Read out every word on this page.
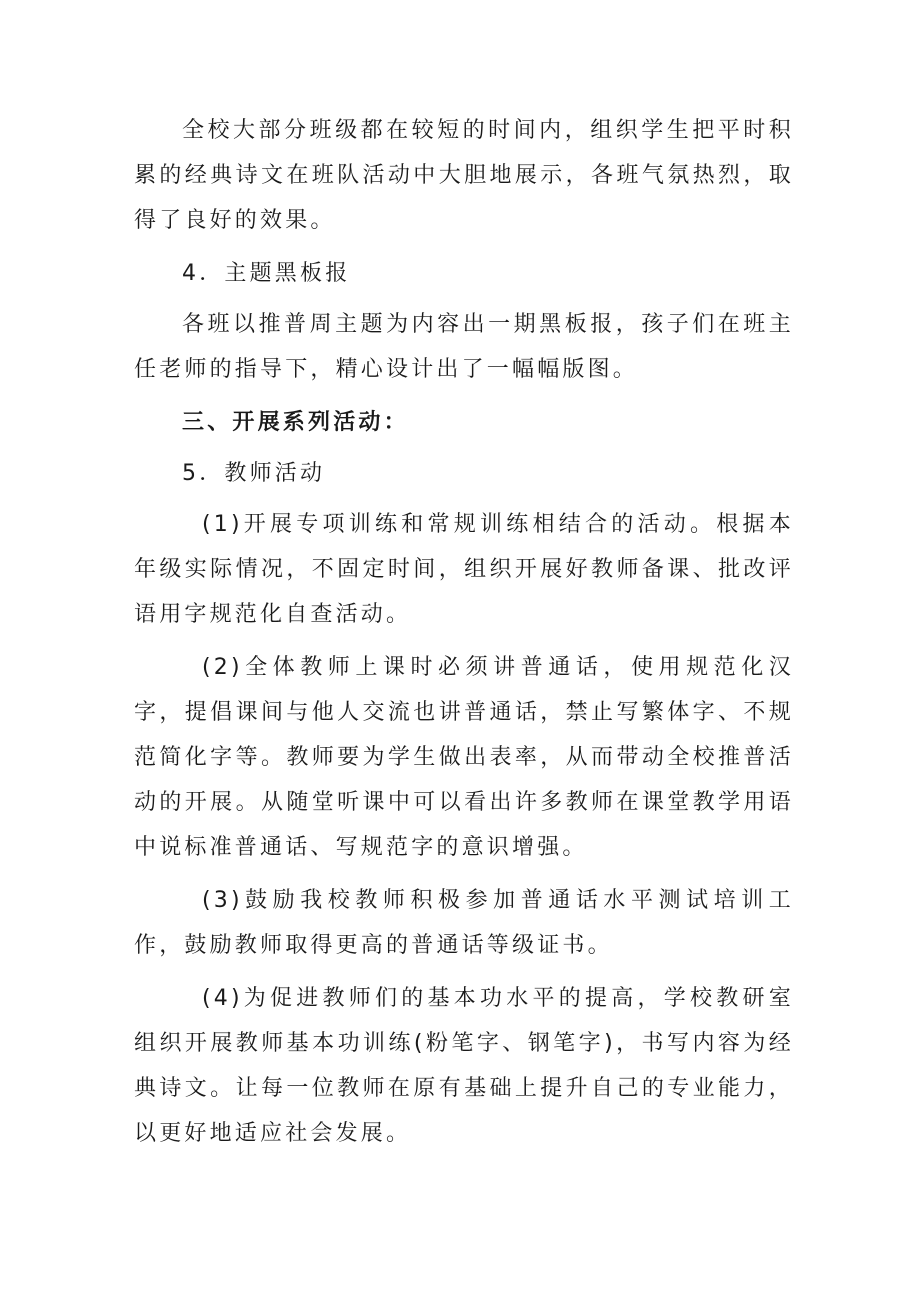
全校大部分班级都在较短的时间内，组织学生把平时积累的经典诗文在班队活动中大胆地展示，各班气氛热烈，取得了良好的效果。

4．主题黑板报

各班以推普周主题为内容出一期黑板报，孩子们在班主任老师的指导下，精心设计出了一幅幅版图。

三、开展系列活动：

5．教师活动

(1)开展专项训练和常规训练相结合的活动。根据本年级实际情况，不固定时间，组织开展好教师备课、批改评语用字规范化自查活动。

(2)全体教师上课时必须讲普通话，使用规范化汉字，提倡课间与他人交流也讲普通话，禁止写繁体字、不规范简化字等。教师要为学生做出表率，从而带动全校推普活动的开展。从随堂听课中可以看出许多教师在课堂教学用语中说标准普通话、写规范字的意识增强。

(3)鼓励我校教师积极参加普通话水平测试培训工作，鼓励教师取得更高的普通话等级证书。

(4)为促进教师们的基本功水平的提高，学校教研室组织开展教师基本功训练(粉笔字、钢笔字)，书写内容为经典诗文。让每一位教师在原有基础上提升自己的专业能力，以更好地适应社会发展。
